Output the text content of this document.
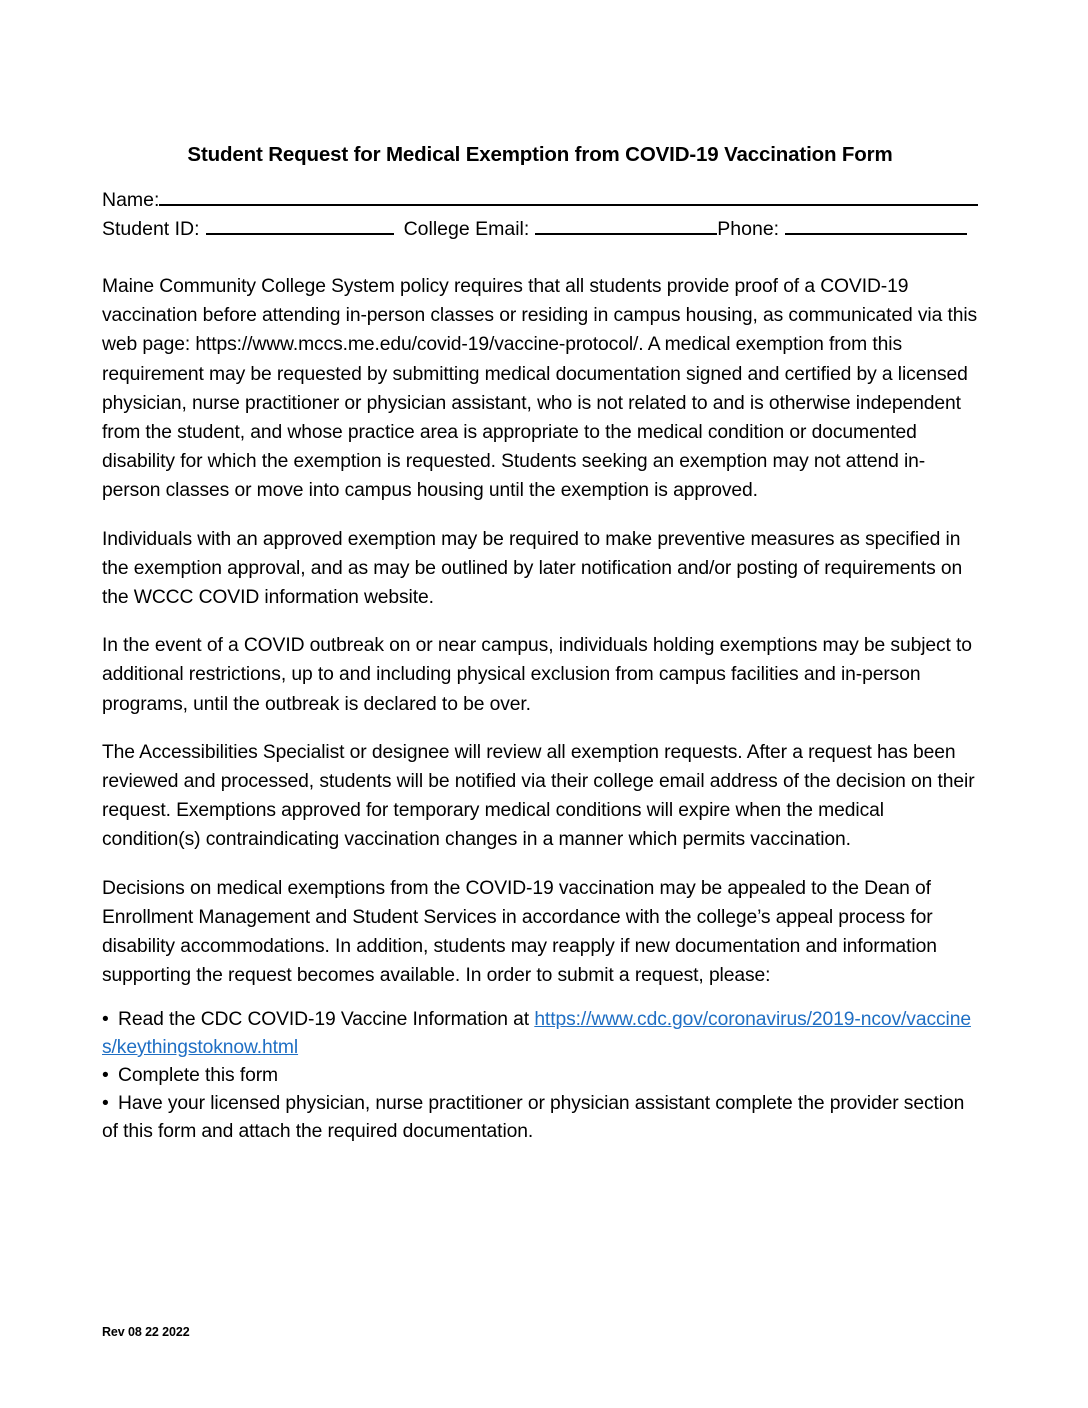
Student Request for Medical Exemption from COVID-19 Vaccination Form
Name:
Student ID:	College Email:	Phone:

Maine Community College System policy requires that all students provide proof of a COVID-19 vaccination before attending in-person classes or residing in campus housing, as communicated via this web page: https://www.mccs.me.edu/covid-19/vaccine-protocol/. A medical exemption from this requirement may be requested by submitting medical documentation signed and certified by a licensed physician, nurse practitioner or physician assistant, who is not related to and is otherwise independent from the student, and whose practice area is appropriate to the medical condition or documented disability for which the exemption is requested. Students seeking an exemption may not attend in-person classes or move into campus housing until the exemption is approved.

Individuals with an approved exemption may be required to make preventive measures as specified in the exemption approval, and as may be outlined by later notification and/or posting of requirements on the WCCC COVID information website.

In the event of a COVID outbreak on or near campus, individuals holding exemptions may be subject to additional restrictions, up to and including physical exclusion from campus facilities and in-person programs, until the outbreak is declared to be over.

The Accessibilities Specialist or designee will review all exemption requests. After a request has been reviewed and processed, students will be notified via their college email address of the decision on their request. Exemptions approved for temporary medical conditions will expire when the medical condition(s) contraindicating vaccination changes in a manner which permits vaccination.

Decisions on medical exemptions from the COVID-19 vaccination may be appealed to the Dean of Enrollment Management and Student Services in accordance with the college’s appeal process for disability accommodations. In addition, students may reapply if new documentation and information supporting the request becomes available. In order to submit a request, please:

• Read the CDC COVID-19 Vaccine Information at https://www.cdc.gov/coronavirus/2019-ncov/vaccines/keythingstoknow.html

• Complete this form

• Have your licensed physician, nurse practitioner or physician assistant complete the provider section of this form and attach the required documentation.

Rev 08 22 2022
